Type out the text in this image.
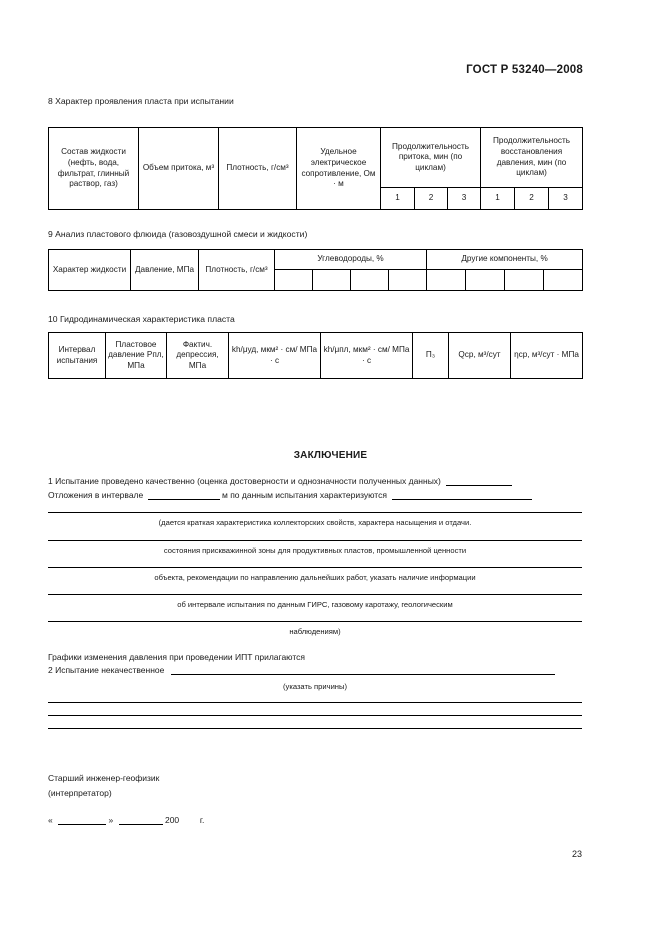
ГОСТ Р 53240—2008
8 Характер проявления пласта при испытании
Состав жидкости (нефть, вода, фильтрат, глинный раствор, газ)	Объем притока, м³	Плотность, г/см³	Удельное электрическое сопротивление, Ом · м	Продолжительность притока, мин (по циклам)			Продолжительность восстановления давления, мин (по циклам)		
				1	2	3	1	2	3
9 Анализ пластового флюида (газовоздушной смеси и жидкости)
Характер жидкости	Давление, МПа	Плотность, г/см³	Углеводороды, %				Другие компоненты, %			

10 Гидродинамическая характеристика пласта
Интервал испытания	Пластовое давление Pпл, МПа	Фактич. депрессия, МПа	kh/μуд, мкм² · см/ МПа · с	kh/μпл, мкм² · см/ МПа · с	П₃	Qср, м³/сут	ηср, м³/сут · МПа
ЗАКЛЮЧЕНИЕ
1 Испытание проведено качественно (оценка достоверности и однозначности полученных данных)
Отложения в интервале	м по данным испытания характеризуются
(дается краткая характеристика коллекторских свойств, характера насыщения и отдачи.
состояния прискважинной зоны для продуктивных пластов, промышленной ценности
объекта, рекомендации по направлению дальнейших работ, указать наличие информации
об интервале испытания по данным ГИРС, газовому каротажу, геологическим
наблюдениям)
Графики изменения давления при проведении ИПТ прилагаются
2 Испытание некачественное
(указать причины)
Старший инженер-геофизик
(интерпретатор)
«	»	200 г.
23
